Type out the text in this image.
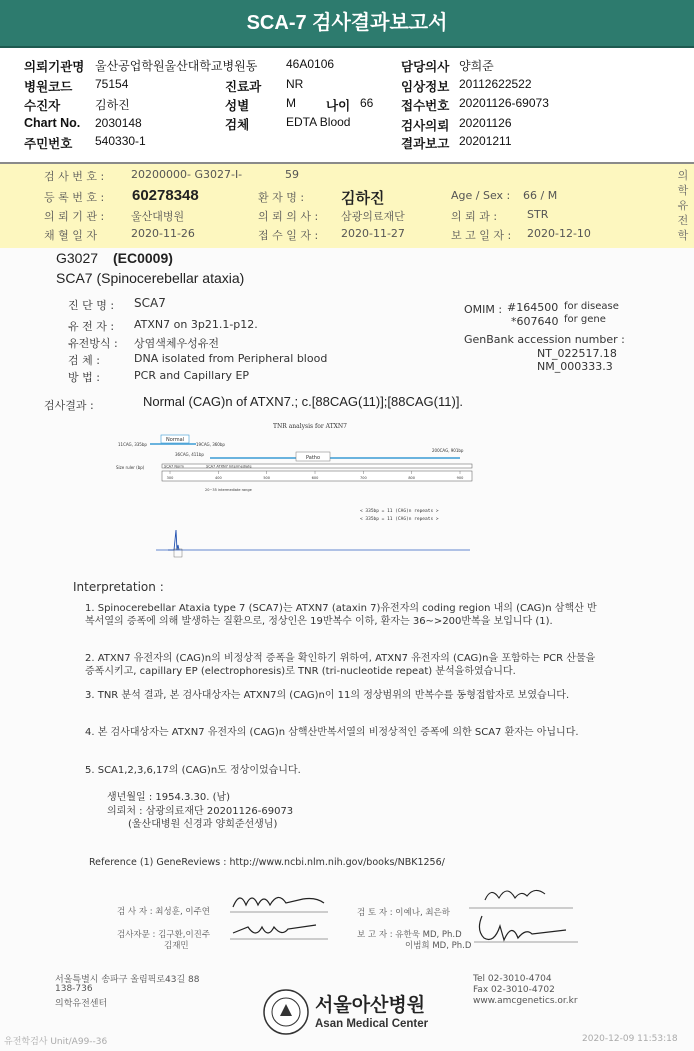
SCA-7 검사결과보고서
의뢰기관명 울산공업학원울산대학교병원동 46A0106	담당의사 양희준
병원코드 75154	진료과 NR	임상정보 20112622522
수진자	김하진	성별	M 나이 66 접수번호 20201126-69073
Chart No. 2030148	검체	EDTA Blood	검사의뢰 20201126
주민번호 540330-1	결과보고 20201211
의학유전학
검 사 번 호 : 20200000- G3027-I-	59
등 록 번 호 : 60278348	환 자 명 : 김하진	Age / Sex : 66 / M
의 뢰 기 관 : 울산대병원	의 뢰 의 사 : 삼광의료재단	의 뢰 과 :	STR
채 혈 일 자	2020-11-26	접 수 일 자 : 2020-11-27	보 고 일 자 : 2020-12-10
G3027 (EC0009)
SCA7 (Spinocerebellar ataxia)
진 단 명 : SCA7
유 전 자 : ATXN7 on 3p21.1-p12.
유전방식 : 상염색체우성유전
검 체 :	DNA isolated from Peripheral blood
방 법 :	PCR and Capillary EP
OMIM : #164500 for disease
*607640 for gene
GenBank accession number :
NT_022517.18
NM_000333.3
검사결과 :	Normal (CAG)n of ATXN7.; c.[88CAG(11)];[88CAG(11)].
TNR analysis for ATXN7
Normal
11CAG, 335bp	19CAG, 360bp
36CAG, 411bp
200CAG, 901bp
Patho
Size ruler (bp)	SCA7 Norm	SCA7 ATXN7 Intermediate
300	400	500	600	700	800	900
20~35 intermediate range
< 335bp = 11 (CAG)n repeats >
< 335bp = 11 (CAG)n repeats >
Interpretation :
1. Spinocerebellar Ataxia type 7 (SCA7)는 ATXN7 (ataxin 7)유전자의 coding region 내의 (CAG)n 삼핵산 반복서열의 증폭에 의해 발생하는 질환으로, 정상인은 19반복수 이하, 환자는 36~>200반복을 보입니다 (1).
2. ATXN7 유전자의 (CAG)n의 비정상적 증폭을 확인하기 위하여, ATXN7 유전자의 (CAG)n을 포함하는 PCR 산물을 증폭시키고, capillary EP (electrophoresis)로 TNR (tri-nucleotide repeat) 분석을하였습니다.
3. TNR 분석 결과, 본 검사대상자는 ATXN7의 (CAG)n이 11의 정상범위의 반복수를 동형접합자로 보였습니다.
4. 본 검사대상자는 ATXN7 유전자의 (CAG)n 삼핵산반복서열의 비정상적인 증폭에 의한 SCA7 환자는 아닙니다.
5. SCA1,2,3,6,17의 (CAG)n도 정상이었습니다.
생년월일 : 1954.3.30. (남)
의뢰처 : 삼광의료재단 20201126-69073
(울산대병원 신경과 양희준선생님)
Reference (1) GeneReviews : http://www.ncbi.nlm.nih.gov/books/NBK1256/
검 사 자 : 최성훈, 이주연
검사자문 : 김구환,이진주
김재민
검 토 자 : 이예나, 최은하
보 고 자 : 유한욱 MD, Ph.D
이범희 MD, Ph.D
서울특별시 송파구 올림픽로43길 88
138-736
의학유전센터	서울아산병원
Asan Medical Center
Tel 02-3010-4704
Fax 02-3010-4702
www.amcgenetics.or.kr
유전학검사 Unit/A99--36	2020-12-09 11:53:18
